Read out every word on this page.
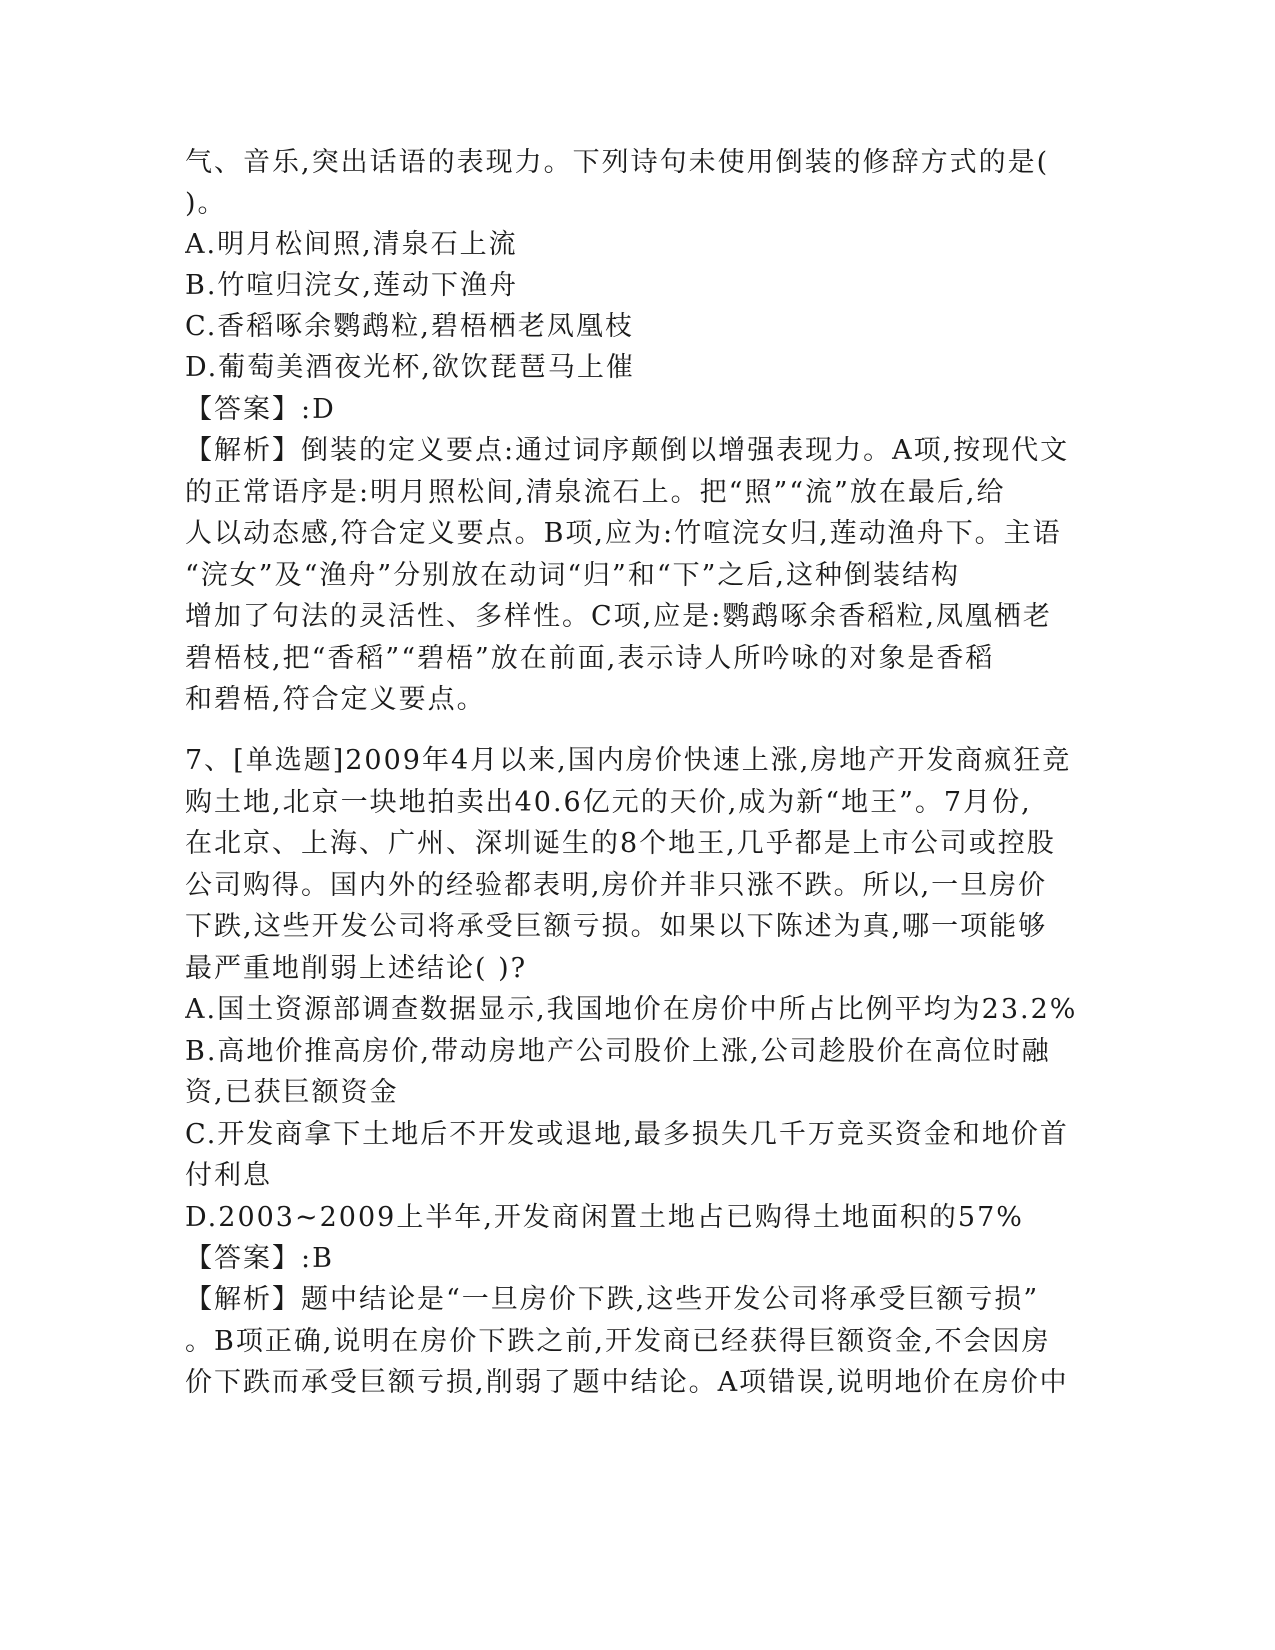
气、音乐,突出话语的表现力。下列诗句未使用倒装的修辞方式的是(
)。
A.明月松间照,清泉石上流
B.竹喧归浣女,莲动下渔舟
C.香稻啄余鹦鹉粒,碧梧栖老凤凰枝
D.葡萄美酒夜光杯,欲饮琵琶马上催
【答案】:D
【解析】倒装的定义要点:通过词序颠倒以增强表现力。A项,按现代文
的正常语序是:明月照松间,清泉流石上。把“照”“流”放在最后,给
人以动态感,符合定义要点。B项,应为:竹喧浣女归,莲动渔舟下。主语
“浣女”及“渔舟”分别放在动词“归”和“下”之后,这种倒装结构
增加了句法的灵活性、多样性。C项,应是:鹦鹉啄余香稻粒,凤凰栖老
碧梧枝,把“香稻”“碧梧”放在前面,表示诗人所吟咏的对象是香稻
和碧梧,符合定义要点。
7、[单选题]2009年4月以来,国内房价快速上涨,房地产开发商疯狂竞
购土地,北京一块地拍卖出40.6亿元的天价,成为新“地王”。7月份,
在北京、上海、广州、深圳诞生的8个地王,几乎都是上市公司或控股
公司购得。国内外的经验都表明,房价并非只涨不跌。所以,一旦房价
下跌,这些开发公司将承受巨额亏损。如果以下陈述为真,哪一项能够
最严重地削弱上述结论( )?
A.国土资源部调查数据显示,我国地价在房价中所占比例平均为23.2%
B.高地价推高房价,带动房地产公司股价上涨,公司趁股价在高位时融
资,已获巨额资金
C.开发商拿下土地后不开发或退地,最多损失几千万竞买资金和地价首
付利息
D.2003~2009上半年,开发商闲置土地占已购得土地面积的57%
【答案】:B
【解析】题中结论是“一旦房价下跌,这些开发公司将承受巨额亏损”
。B项正确,说明在房价下跌之前,开发商已经获得巨额资金,不会因房
价下跌而承受巨额亏损,削弱了题中结论。A项错误,说明地价在房价中
